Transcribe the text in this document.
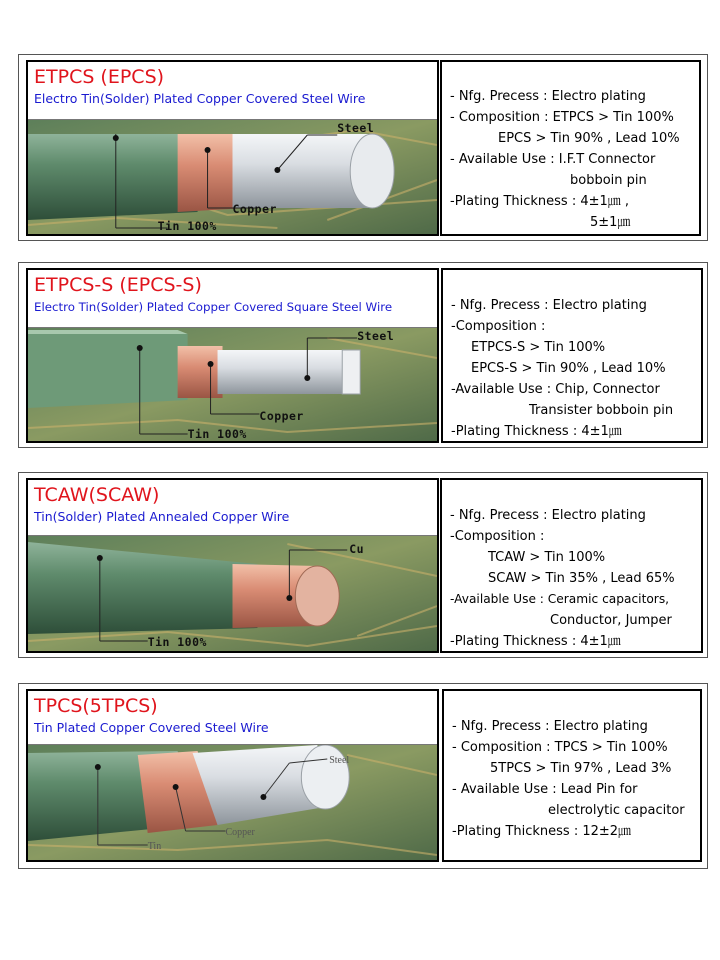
ETPCS (EPCS)
Electro Tin(Solder) Plated Copper Covered Steel Wire
Steel
Copper
Tin 100%
- Nfg. Precess : Electro plating
- Composition : ETPCS > Tin 100%
EPCS > Tin 90% , Lead 10%
- Available Use : I.F.T Connector
bobboin pin
-Plating Thickness : 4±1㎛ ,
5±1㎛
ETPCS-S (EPCS-S)
Electro Tin(Solder) Plated Copper Covered Square Steel Wire
Steel
Copper
Tin 100%
- Nfg. Precess : Electro plating
-Composition :
ETPCS-S > Tin 100%
EPCS-S > Tin 90% , Lead 10%
-Available Use : Chip, Connector
Transister bobboin pin
-Plating Thickness : 4±1㎛
TCAW(SCAW)
Tin(Solder) Plated Annealed Copper Wire
Cu
Tin 100%
- Nfg. Precess : Electro plating
-Composition :
TCAW > Tin 100%
SCAW > Tin 35% , Lead 65%
-Available Use : Ceramic capacitors,
Conductor, Jumper
-Plating Thickness : 4±1㎛
TPCS(5TPCS)
Tin Plated Copper Covered Steel Wire
Steel
Copper
Tin
- Nfg. Precess : Electro plating
- Composition : TPCS > Tin 100%
5TPCS > Tin 97% , Lead 3%
- Available Use : Lead Pin for
electrolytic capacitor
-Plating Thickness : 12±2㎛
